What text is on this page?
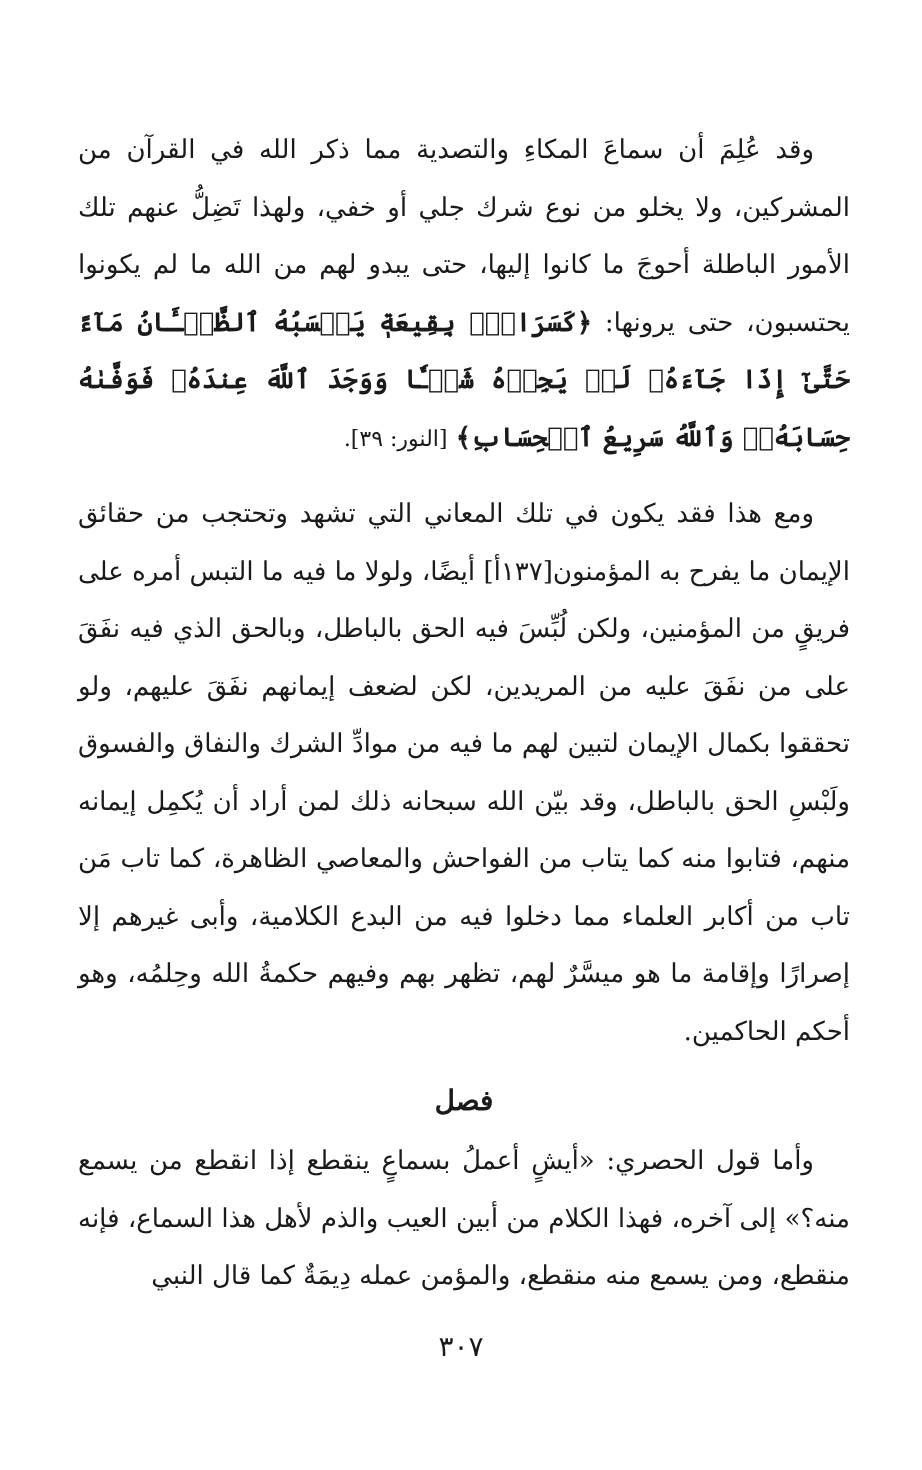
وقد عُلِمَ أن سماعَ المكاءِ والتصدية مما ذكر الله في القرآن من المشركين، ولا يخلو من نوع شرك جلي أو خفي، ولهذا تَضِلُّ عنهم تلك الأمور الباطلة أحوجَ ما كانوا إليها، حتى يبدو لهم من الله ما لم يكونوا يحتسبون، حتى يرونها: ﴿كَسَرَابِۭ بِقِيعَةٖ يَحۡسَبُهُ ٱلظَّمۡـَٔانُ مَآءً حَتَّىٰٓ إِذَا جَآءَهُۥ لَمۡ يَجِدۡهُ شَيۡـٔٗا وَوَجَدَ ٱللَّهَ عِندَهُۥ فَوَفَّىٰهُ حِسَابَهُۥۗ وَٱللَّهُ سَرِيعُ ٱلۡحِسَابِ﴾ [النور: ٣٩].

ومع هذا فقد يكون في تلك المعاني التي تشهد وتحتجب من حقائق الإيمان ما يفرح به المؤمنون[١٣٧أ] أيضًا، ولولا ما فيه ما التبس أمره على فريقٍ من المؤمنين، ولكن لُبِّسَ فيه الحق بالباطل، وبالحق الذي فيه نفَقَ على من نفَقَ عليه من المريدين، لكن لضعف إيمانهم نفَقَ عليهم، ولو تحققوا بكمال الإيمان لتبين لهم ما فيه من موادِّ الشرك والنفاق والفسوق ولَبْسِ الحق بالباطل، وقد بيّن الله سبحانه ذلك لمن أراد أن يُكمِل إيمانه منهم، فتابوا منه كما يتاب من الفواحش والمعاصي الظاهرة، كما تاب مَن تاب من أكابر العلماء مما دخلوا فيه من البدع الكلامية، وأبى غيرهم إلا إصرارًا وإقامة ما هو ميسَّرٌ لهم، تظهر بهم وفيهم حكمةُ الله وحِلمُه، وهو أحكم الحاكمين.

فصل

وأما قول الحصري: «أيشٍ أعملُ بسماعٍ ينقطع إذا انقطع من يسمع منه؟» إلى آخره، فهذا الكلام من أبين العيب والذم لأهل هذا السماع، فإنه منقطع، ومن يسمع منه منقطع، والمؤمن عمله دِيمَةٌ كما قال النبي

٣٠٧
